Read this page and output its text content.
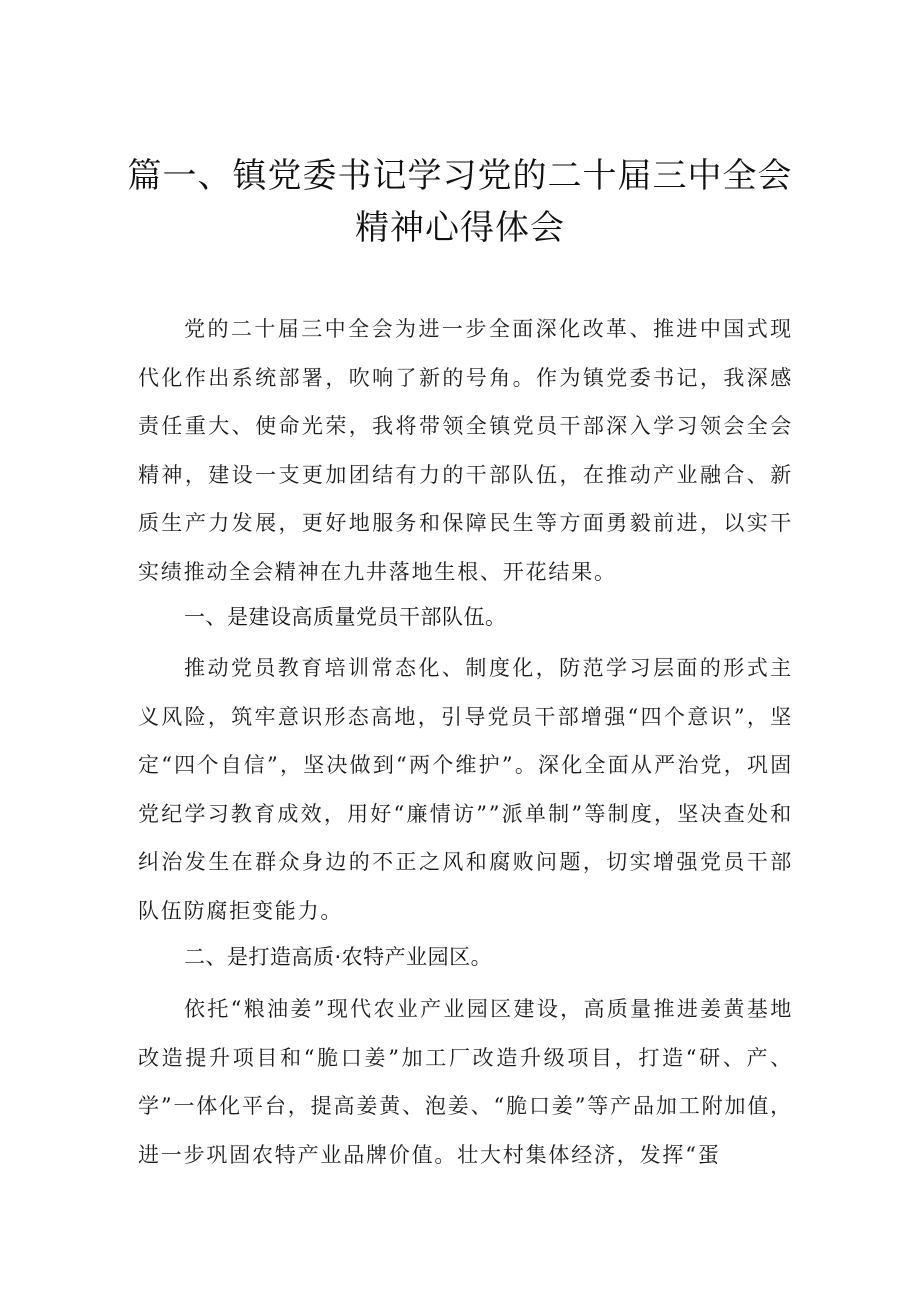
篇一、镇党委书记学习党的二十届三中全会
精神心得体会

党的二十届三中全会为进一步全面深化改革、推进中国式现代化作出系统部署，吹响了新的号角。作为镇党委书记，我深感责任重大、使命光荣，我将带领全镇党员干部深入学习领会全会精神，建设一支更加团结有力的干部队伍，在推动产业融合、新质生产力发展，更好地服务和保障民生等方面勇毅前进，以实干实绩推动全会精神在九井落地生根、开花结果。

一、是建设高质量党员干部队伍。

推动党员教育培训常态化、制度化，防范学习层面的形式主义风险，筑牢意识形态高地，引导党员干部增强“四个意识”，坚定“四个自信”，坚决做到“两个维护”。深化全面从严治党，巩固党纪学习教育成效，用好“廉情访””派单制”等制度，坚决查处和纠治发生在群众身边的不正之风和腐败问题，切实增强党员干部队伍防腐拒变能力。

二、是打造高质·农特产业园区。

依托“粮油姜”现代农业产业园区建设，高质量推进姜黄基地改造提升项目和“脆口姜”加工厂改造升级项目，打造“研、产、学”一体化平台，提高姜黄、泡姜、“脆口姜”等产品加工附加值，进一步巩固农特产业品牌价值。壮大村集体经济，发挥“蛋
